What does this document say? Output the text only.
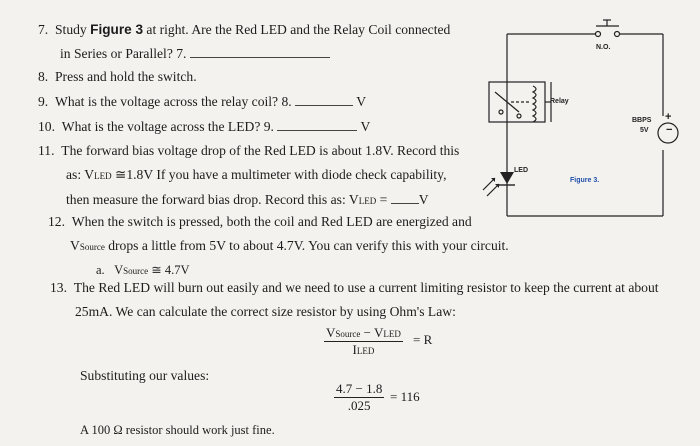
7. Study Figure 3 at right. Are the Red LED and the Relay Coil connected
in Series or Parallel? 7.
8. Press and hold the switch.
9. What is the voltage across the relay coil? 8.	V
10. What is the voltage across the LED? 9.	V
11. The forward bias voltage drop of the Red LED is about 1.8V. Record this
as: VLED ≅1.8V If you have a multimeter with diode check capability,
then measure the forward bias drop. Record this as: VLED = V
12. When the switch is pressed, both the coil and Red LED are energized and
VSource drops a little from 5V to about 4.7V. You can verify this with your circuit.
a. VSource ≅ 4.7V
13. The Red LED will burn out easily and we need to use a current limiting resistor to keep the current at about
25mA. We can calculate the correct size resistor by using Ohm's Law:
VSource − VLED
ILED
= R
Substituting our values:
$\frac{4.7 - 1.8}{.025} = 116$
A 100 Ω resistor should work just fine.
N.O.
Relay
LED
BBPS
5V
+
−
Figure 3.
